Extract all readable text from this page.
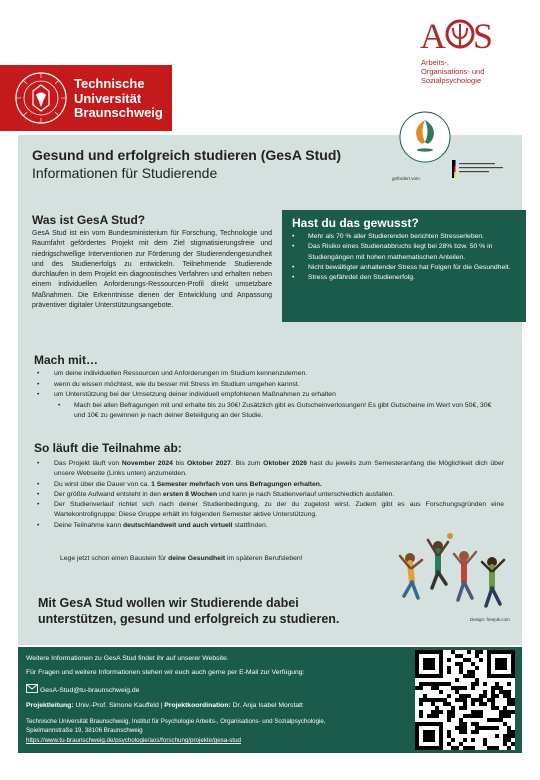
Technische
Universität
Braunschweig
A S
Arbeits-,
Organisations- und
Sozialpsychologie
gefördert vom
Gesund und erfolgreich studieren (GesA Stud)
Informationen für Studierende
Was ist GesA Stud?
GesA Stud ist ein vom Bundesministerium für Forschung, Technologie und Raumfahrt gefördertes Projekt mit dem Ziel stigmatisierungsfreie und niedrigschwellige Interventionen zur Förderung der Studierendengesundheit und des Studienerfolgs zu entwickeln. Teilnehmende Studierende durchlaufen in dem Projekt ein diagnostisches Verfahren und erhalten neben einem individuellen Anforderungs-Ressourcen-Profil direkt umsetzbare Maßnahmen. Die Erkenntnisse dienen der Entwicklung und Anpassung präventiver digitaler Unterstützungsangebote.
Hast du das gewusst?
• Mehr als 70 % aller Studierenden berichten Stresserleben.
• Das Risiko eines Studienabbruchs liegt bei 28% bzw. 50 % in Studiengängen mit hohen mathematischen Anteilen.
• Nicht bewältigter anhaltender Stress hat Folgen für die Gesundheit.
• Stress gefährdet den Studienerfolg.
Mach mit…
• um deine individuellen Ressourcen und Anforderungen im Studium kennenzulernen.
• wenn du wissen möchtest, wie du besser mit Stress im Studium umgehen kannst.
• um Unterstützung bei der Umsetzung deiner individuell empfohlenen Maßnahmen zu erhalten
• Mach bei allen Befragungen mit und erhalte bis zu 30€! Zusätzlich gibt es Gutscheinverlosungen! Es gibt Gutscheine im Wert von 50€, 30€ und 10€ zu gewinnen je nach deiner Beteiligung an der Studie.
So läuft die Teilnahme ab:
• Das Projekt läuft von November 2024 bis Oktober 2027. Bis zum Oktober 2026 hast du jeweils zum Semesteranfang die Möglichkeit dich über unsere Webseite (Links unten) anzumelden.
• Du wirst über die Dauer von ca. 1 Semester mehrfach von uns Befragungen erhalten.
• Der größte Aufwand entsteht in den ersten 8 Wochen und kann je nach Studienverlauf unterschiedlich ausfallen.
• Der Studienverlauf richtet sich nach deiner Studienbedingung, zu der du zugelost wirst. Zudem gibt es aus Forschungsgründen eine Wartekontrollgruppe: Diese Gruppe erhält im folgenden Semester aktive Unterstützung.
• Deine Teilnahme kann deutschlandweit und auch virtuell stattfinden.
Lege jetzt schon einen Baustein für deine Gesundheit im späteren Berufsleben!
Mit GesA Stud wollen wir Studierende dabei unterstützen, gesund und erfolgreich zu studieren.	Design: freepik.com
Weitere Informationen zu GesA Stud findet ihr auf unserer Website.
Für Fragen und weitere Informationen stehen wir euch auch gerne per E-Mail zur Verfügung:
GesA-Stud@tu-braunschweig.de
Projektleitung: Univ.-Prof. Simone Kauffeld | Projektkoordination: Dr. Anja Isabel Morstatt
Technische Universität Braunschweig, Institut für Psychologie Arbeits-, Organisations- und Sozialpsychologie,
Spielmannstraße 19, 38106 Braunschweig
https://www.tu-braunschweig.de/psychologie/aos/forschung/projekte/gesa-stud
